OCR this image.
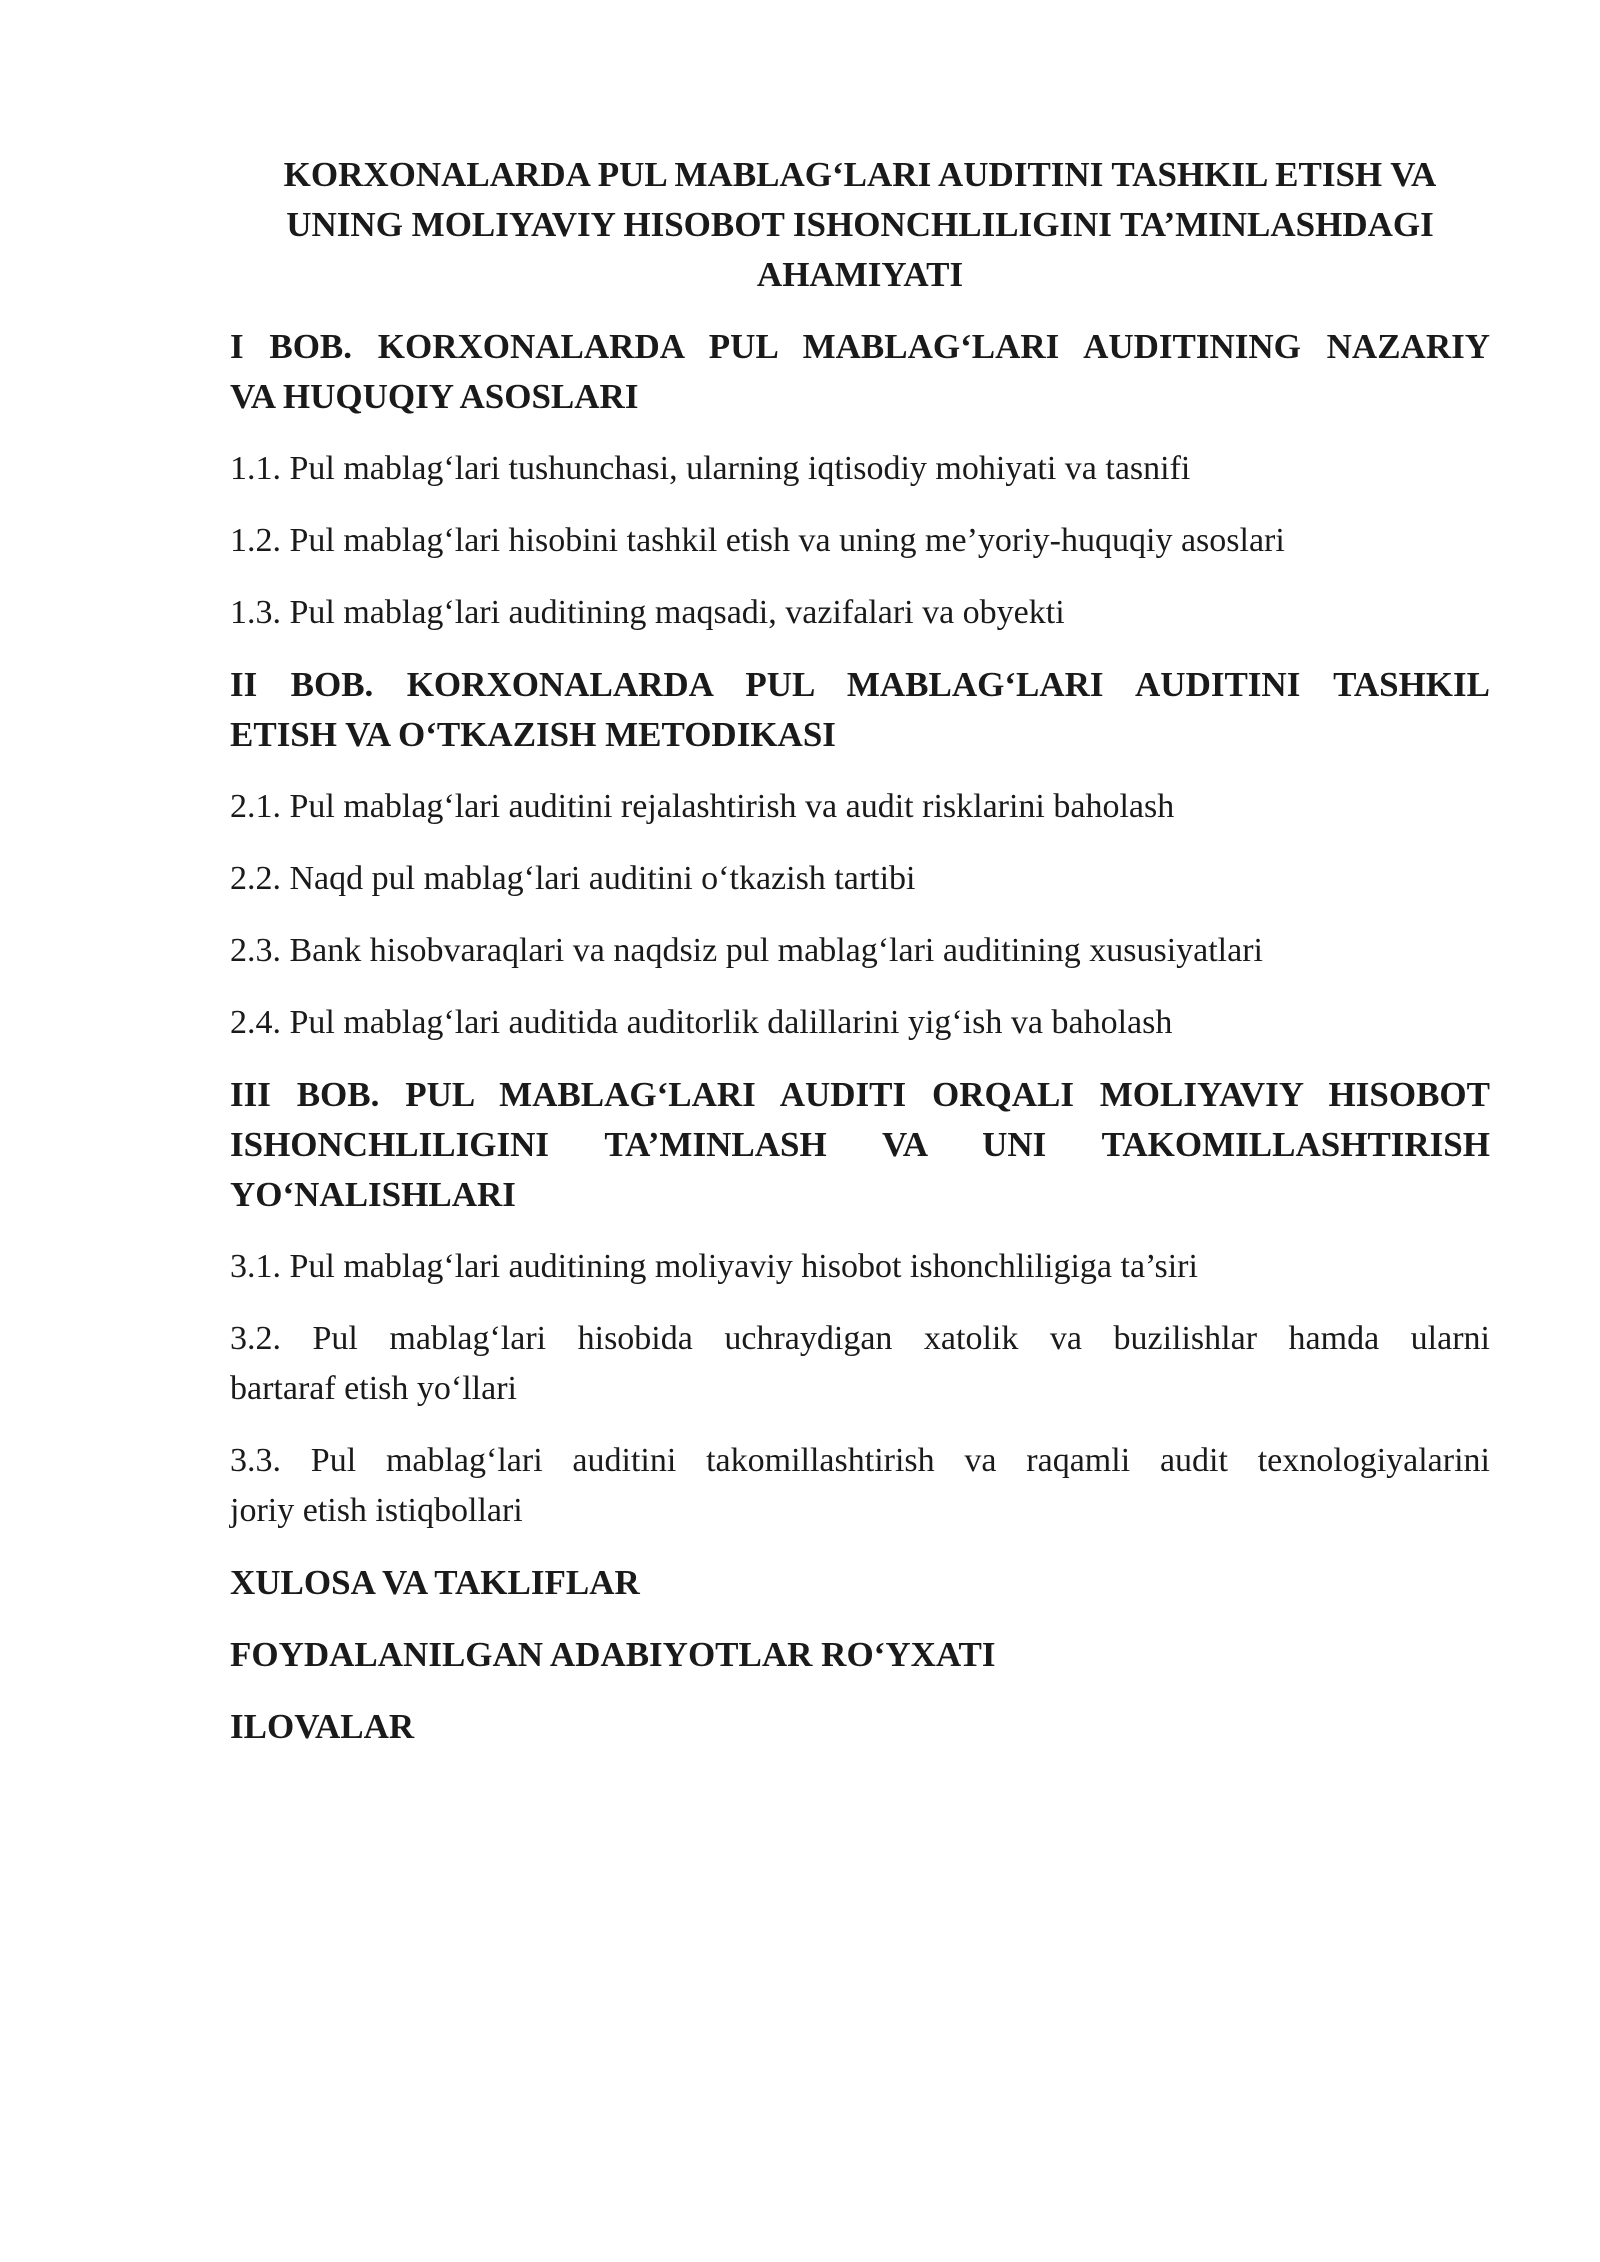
KORXONALARDA PUL MABLAG‘LARI AUDITINI TASHKIL ETISH VA
UNING MOLIYAVIY HISOBOT ISHONCHLILIGINI TA’MINLASHDAGI
AHAMIYATI
I BOB. KORXONALARDA PUL MABLAG‘LARI AUDITINING NAZARIY
VA HUQUQIY ASOSLARI
1.1. Pul mablag‘lari tushunchasi, ularning iqtisodiy mohiyati va tasnifi
1.2. Pul mablag‘lari hisobini tashkil etish va uning me’yoriy-huquqiy asoslari
1.3. Pul mablag‘lari auditining maqsadi, vazifalari va obyekti
II BOB. KORXONALARDA PUL MABLAG‘LARI AUDITINI TASHKIL
ETISH VA O‘TKAZISH METODIKASI
2.1. Pul mablag‘lari auditini rejalashtirish va audit risklarini baholash
2.2. Naqd pul mablag‘lari auditini o‘tkazish tartibi
2.3. Bank hisobvaraqlari va naqdsiz pul mablag‘lari auditining xususiyatlari
2.4. Pul mablag‘lari auditida auditorlik dalillarini yig‘ish va baholash
III BOB. PUL MABLAG‘LARI AUDITI ORQALI MOLIYAVIY HISOBOT
ISHONCHLILIGINI TA’MINLASH VA UNI TAKOMILLASHTIRISH
YO‘NALISHLARI
3.1. Pul mablag‘lari auditining moliyaviy hisobot ishonchliligiga ta’siri
3.2. Pul mablag‘lari hisobida uchraydigan xatolik va buzilishlar hamda ularni
bartaraf etish yo‘llari
3.3. Pul mablag‘lari auditini takomillashtirish va raqamli audit texnologiyalarini
joriy etish istiqbollari
XULOSA VA TAKLIFLAR
FOYDALANILGAN ADABIYOTLAR RO‘YXATI
ILOVALAR
